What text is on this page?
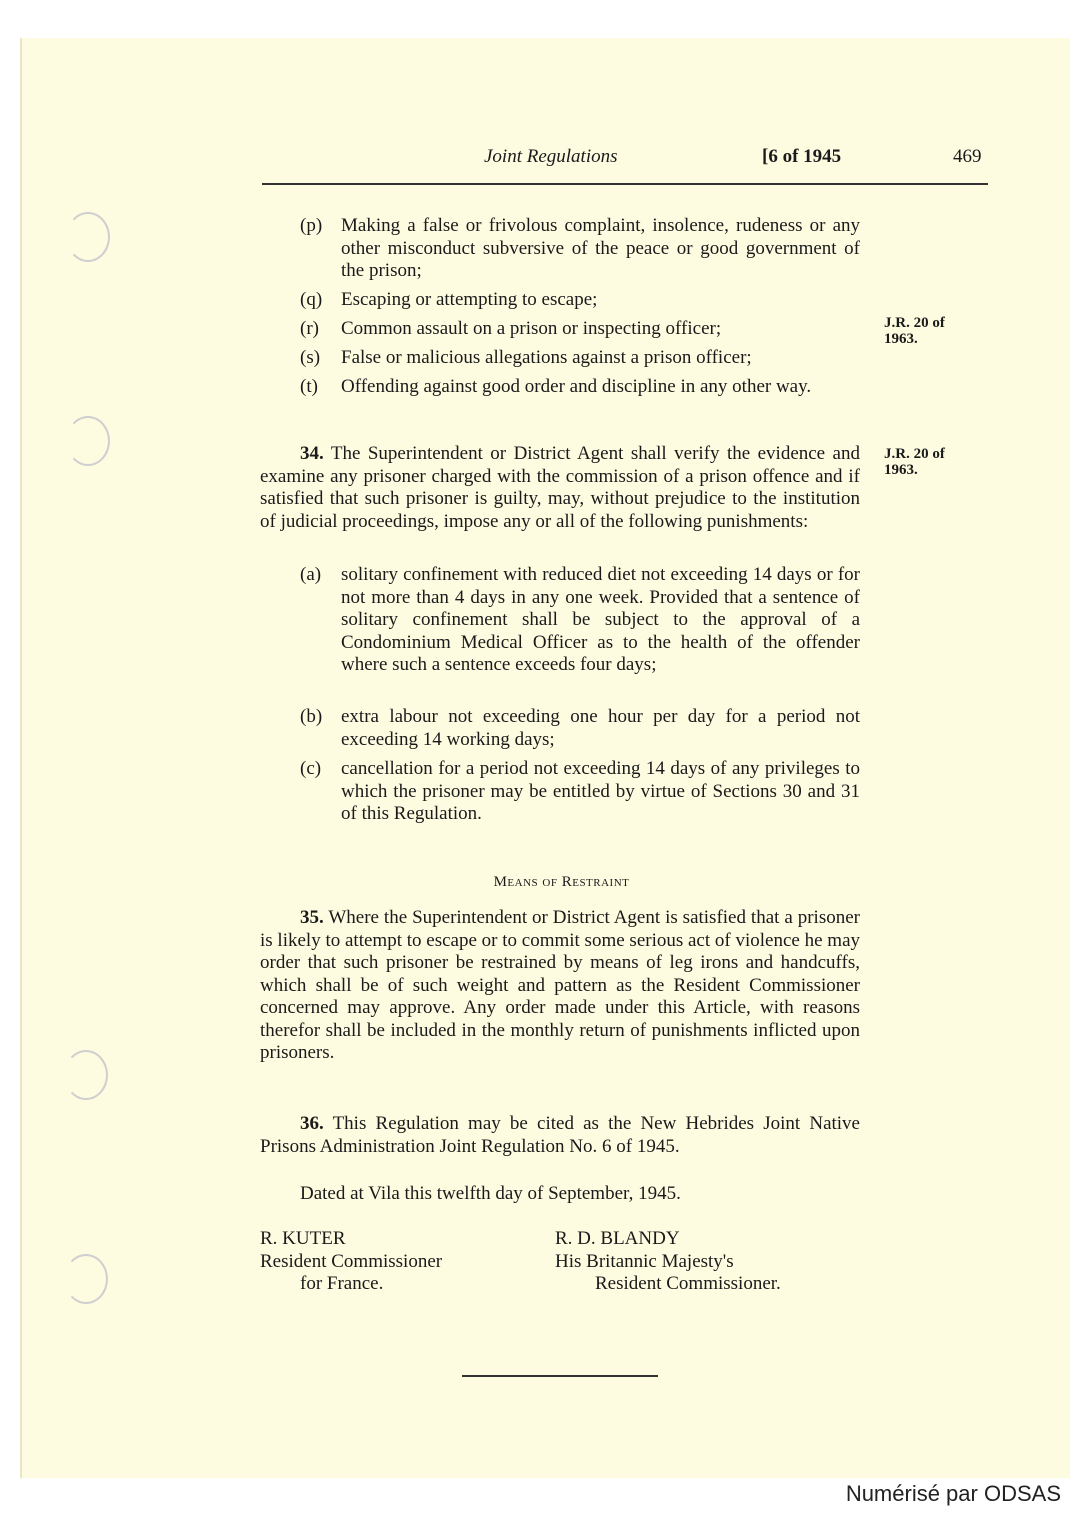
Joint Regulations	[6 of 1945	469
(p) Making a false or frivolous complaint, insolence, rudeness or any other misconduct subversive of the peace or good government of the prison;
(q) Escaping or attempting to escape;
(r)	Common assault on a prison or inspecting officer;
(s)	False or malicious allegations against a prison officer;
(t)	Offending against good order and discipline in any other way.
J.R. 20 of 1963.
34. The Superintendent or District Agent shall verify the evidence and examine any prisoner charged with the commission of a prison offence and if satisfied that such prisoner is guilty, may, without prejudice to the institution of judicial proceedings, impose any or all of the following punishments:
J.R. 20 of 1963.
(a)	solitary confinement with reduced diet not exceeding 14 days or for not more than 4 days in any one week. Provided that a sentence of solitary confinement shall be subject to the approval of a Condominium Medical Officer as to the health of the offender where such a sentence exceeds four days;
(b) extra labour not exceeding one hour per day for a period not exceeding 14 working days;
(c)	cancellation for a period not exceeding 14 days of any privileges to which the prisoner may be entitled by virtue of Sections 30 and 31 of this Regulation.
Means of Restraint
35. Where the Superintendent or District Agent is satisfied that a prisoner is likely to attempt to escape or to commit some serious act of violence he may order that such prisoner be restrained by means of leg irons and handcuffs, which shall be of such weight and pattern as the Resident Commissioner concerned may approve. Any order made under this Article, with reasons therefor shall be included in the monthly return of punishments inflicted upon prisoners.
36. This Regulation may be cited as the New Hebrides Joint Native Prisons Administration Joint Regulation No. 6 of 1945.
Dated at Vila this twelfth day of September, 1945.
R. KUTER
Resident Commissioner
for France.
R. D. BLANDY
His Britannic Majesty's
Resident Commissioner.
Numérisé par ODSAS
